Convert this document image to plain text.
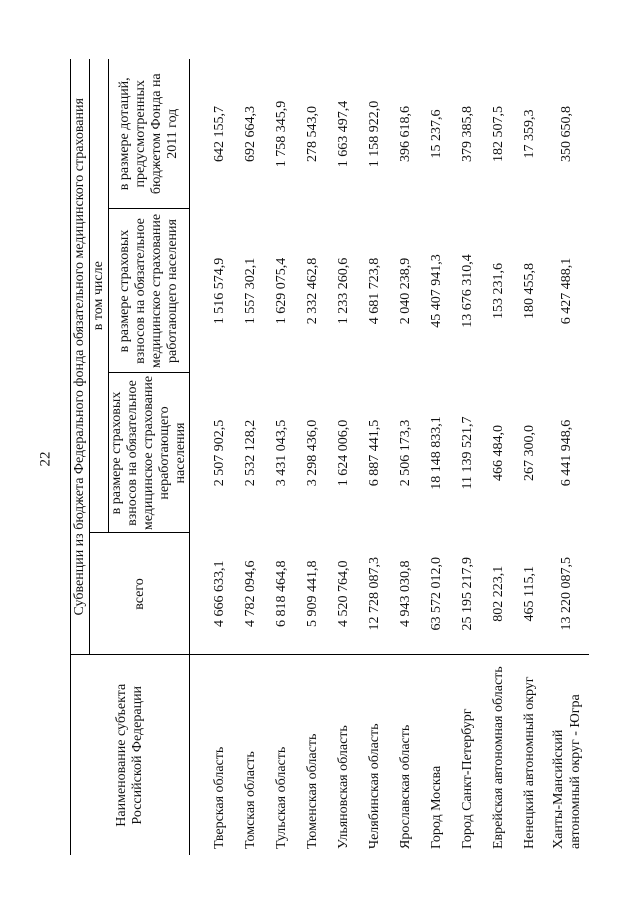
22
Наименование субъекта Российской Федерации	Субвенции из бюджета Федерального фонда обязательного медицинского страхования			
	всего	в том числе		
		в размере страховых взносов на обязательное медицинское страхование неработающего населения	в размере страховых взносов на обязательное медицинское страхование работающего населения	в размере дотаций, предусмотренных бюджетом Фонда на 2011 год
Тверская область	4 666 633,1	2 507 902,5	1 516 574,9	642 155,7
Томская область	4 782 094,6	2 532 128,2	1 557 302,1	692 664,3
Тульская область	6 818 464,8	3 431 043,5	1 629 075,4	1 758 345,9
Тюменская область	5 909 441,8	3 298 436,0	2 332 462,8	278 543,0
Ульяновская область	4 520 764,0	1 624 006,0	1 233 260,6	1 663 497,4
Челябинская область	12 728 087,3	6 887 441,5	4 681 723,8	1 158 922,0
Ярославская область	4 943 030,8	2 506 173,3	2 040 238,9	396 618,6
Город Москва	63 572 012,0	18 148 833,1	45 407 941,3	15 237,6
Город Санкт-Петербург	25 195 217,9	11 139 521,7	13 676 310,4	379 385,8
Еврейская автономная область	802 223,1	466 484,0	153 231,6	182 507,5
Ненецкий автономный округ	465 115,1	267 300,0	180 455,8	17 359,3
Ханты-Мансийский автономный округ - Югра	13 220 087,5	6 441 948,6	6 427 488,1	350 650,8
